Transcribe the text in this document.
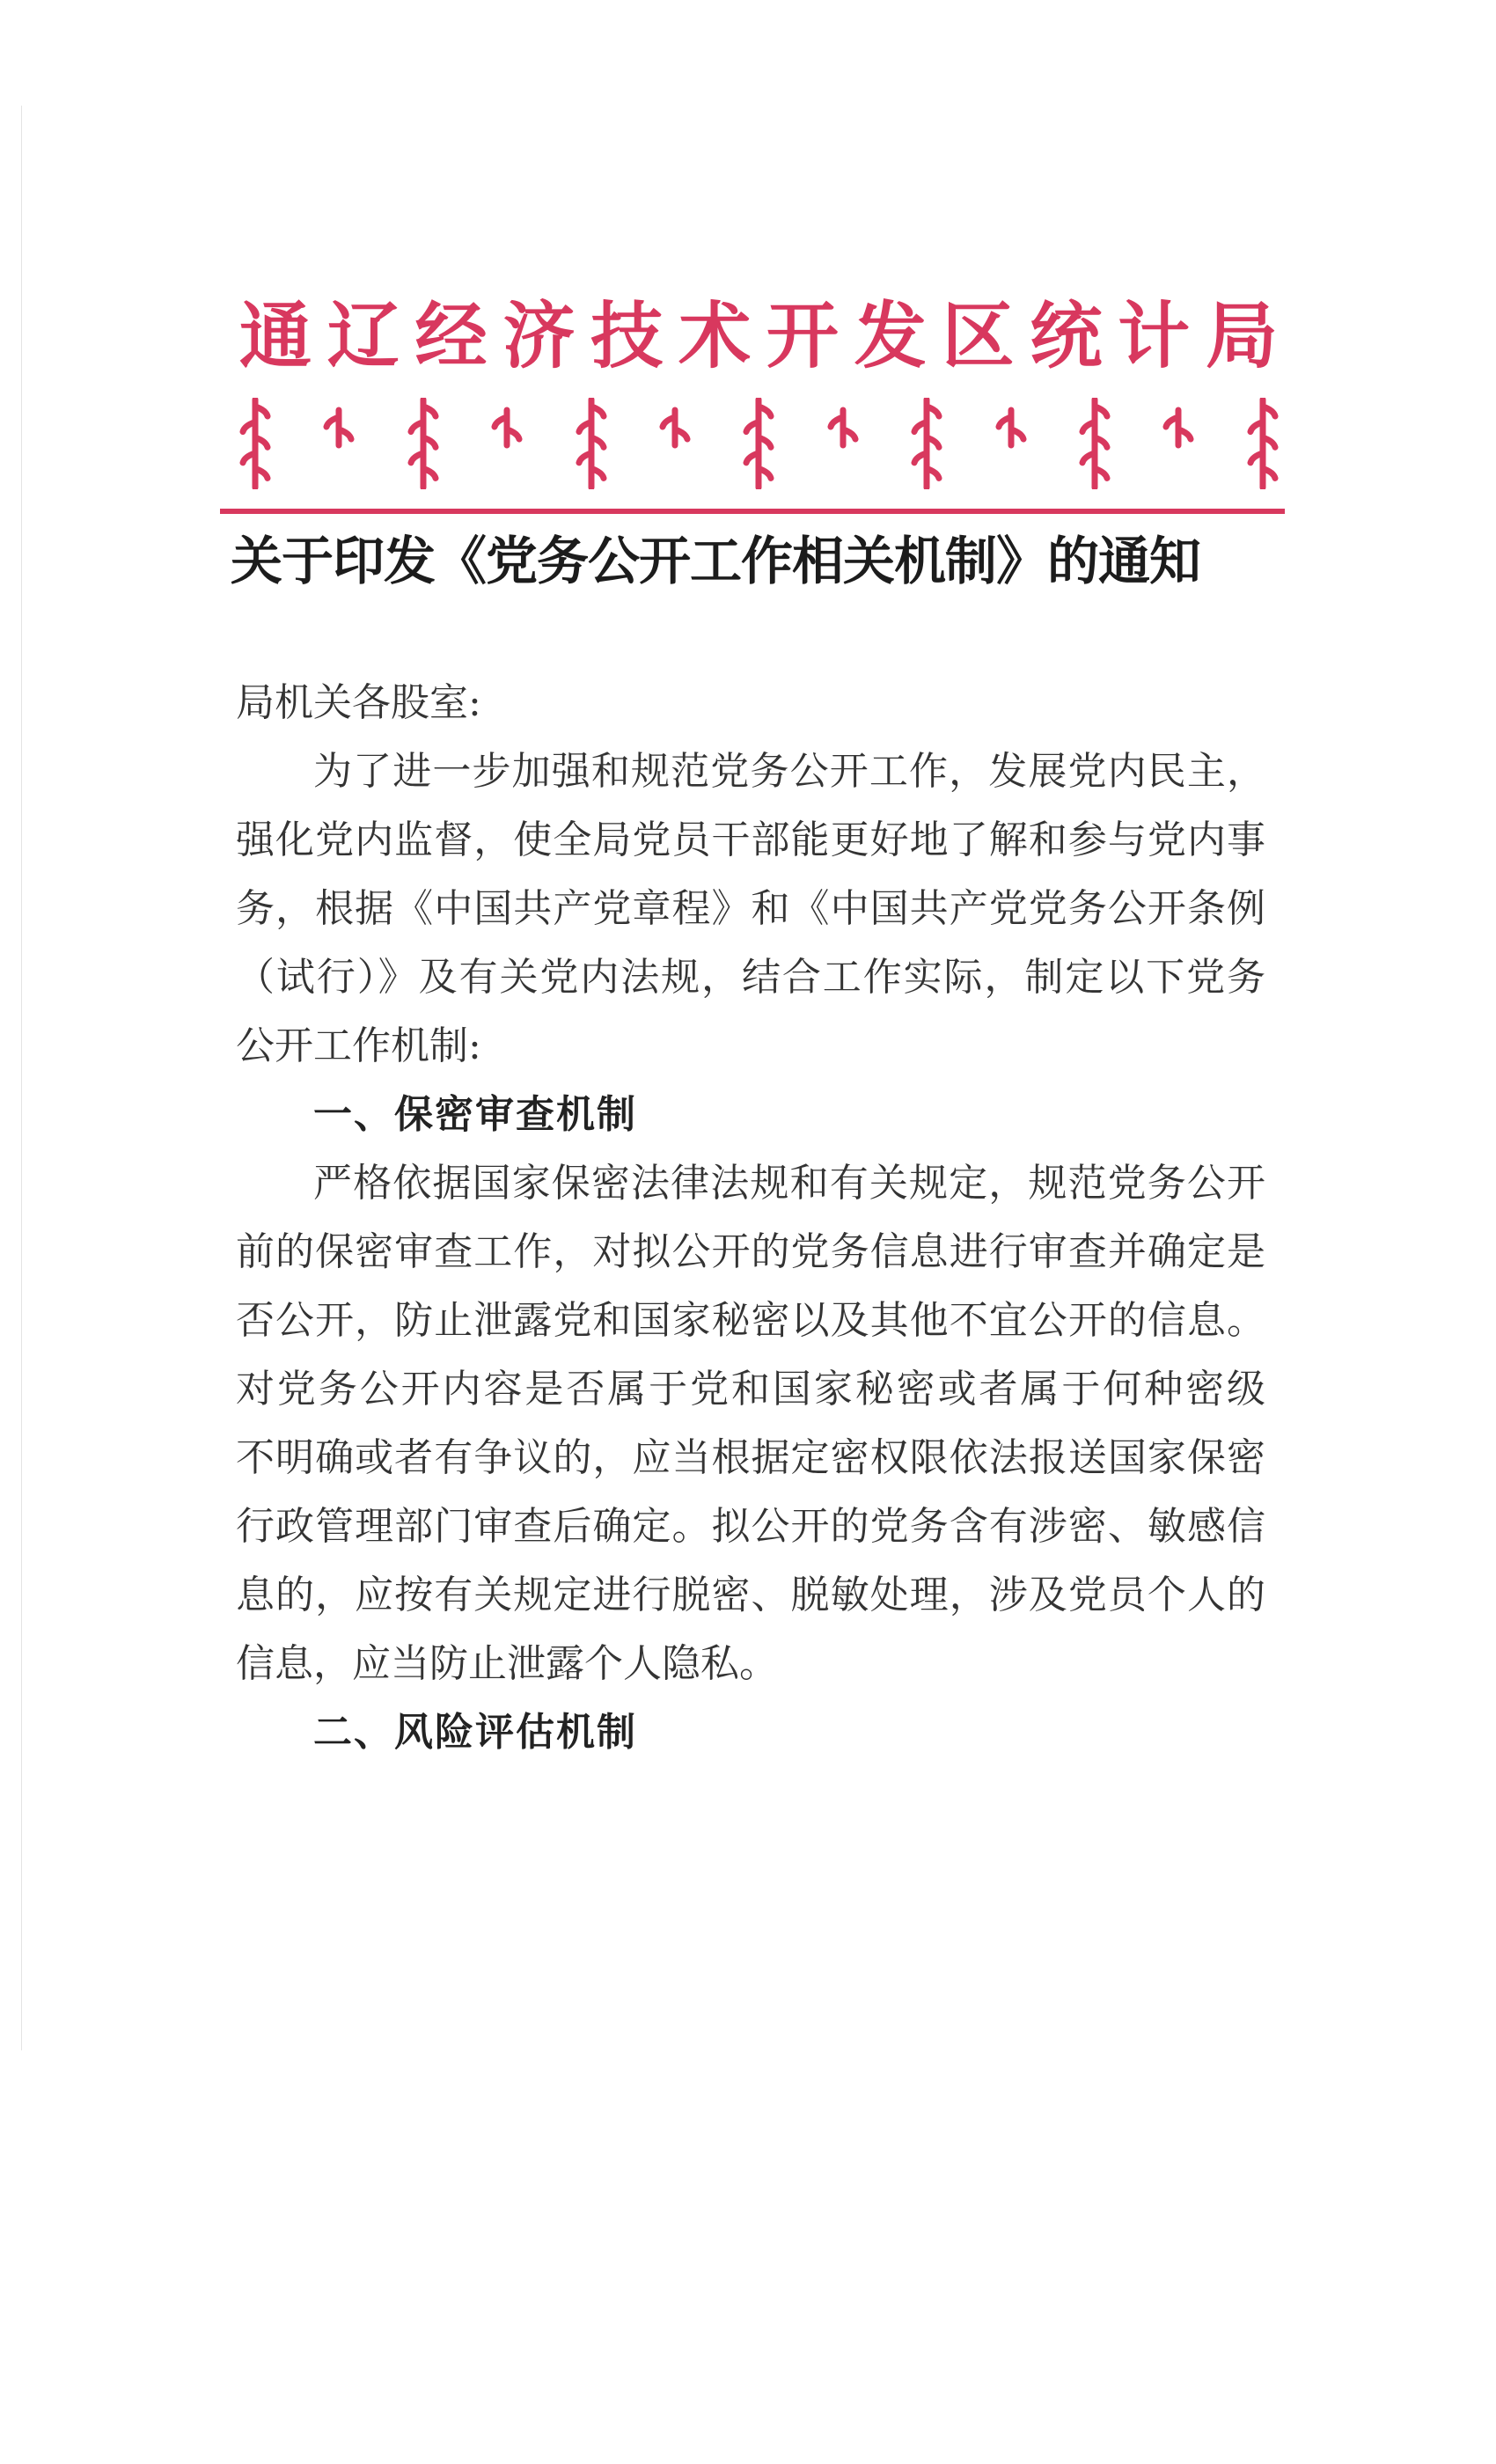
通 辽 经 济 技 术 开 发 区 统 计 局
关于印发《党务公开工作相关机制》的通知
局机关各股室:
为了进一步加强和规范党务公开工作，发展党内民主，
强化党内监督，使全局党员干部能更好地了解和参与党内事
务，根据《中国共产党章程》和《中国共产党党务公开条例
（试行）》及有关党内法规，结合工作实际，制定以下党务
公开工作机制:
一、保密审查机制
严格依据国家保密法律法规和有关规定，规范党务公开
前的保密审查工作，对拟公开的党务信息进行审查并确定是
否公开，防止泄露党和国家秘密以及其他不宜公开的信息。
对党务公开内容是否属于党和国家秘密或者属于何种密级
不明确或者有争议的，应当根据定密权限依法报送国家保密
行政管理部门审查后确定。拟公开的党务含有涉密、敏感信
息的，应按有关规定进行脱密、脱敏处理，涉及党员个人的
信息，应当防止泄露个人隐私。
二、风险评估机制
